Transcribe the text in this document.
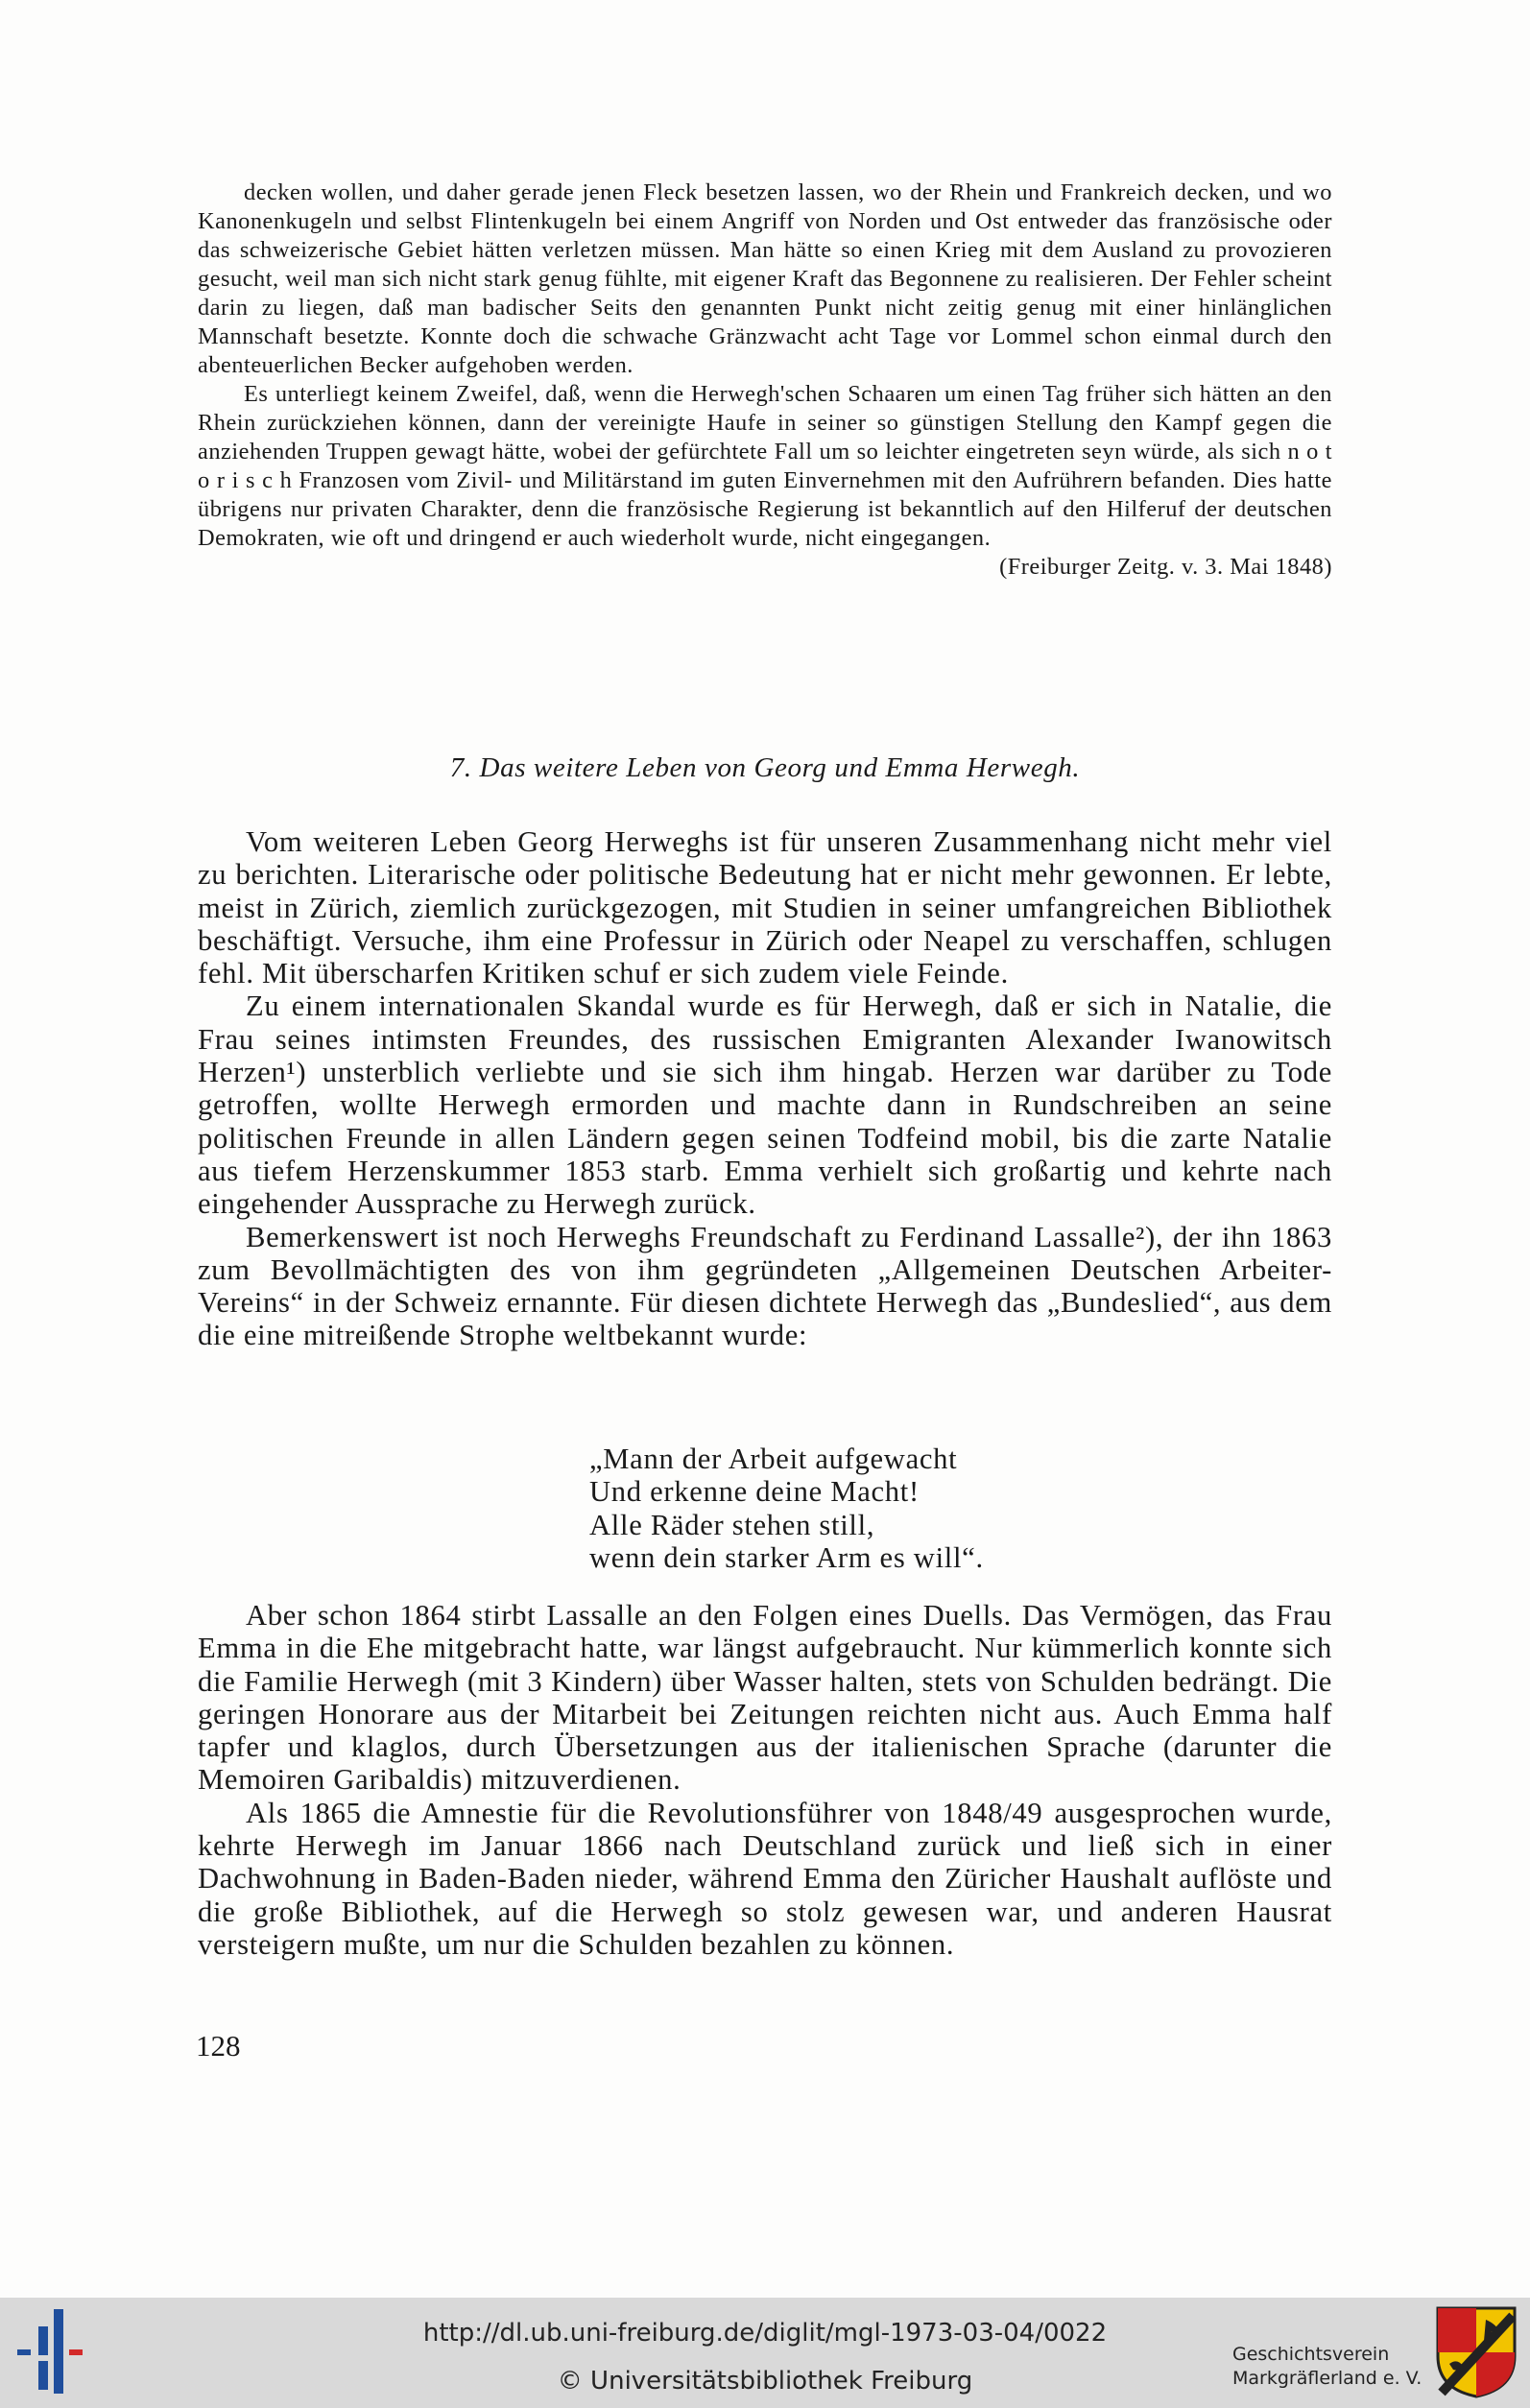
decken wollen, und daher gerade jenen Fleck besetzen lassen, wo der Rhein und Frankreich decken, und wo Kanonenkugeln und selbst Flintenkugeln bei einem Angriff von Norden und Ost entweder das französische oder das schweizerische Gebiet hätten verletzen müssen. Man hätte so einen Krieg mit dem Ausland zu provozieren gesucht, weil man sich nicht stark genug fühlte, mit eigener Kraft das Begonnene zu realisieren. Der Fehler scheint darin zu liegen, daß man badischer Seits den genannten Punkt nicht zeitig genug mit einer hinlänglichen Mannschaft besetzte. Konnte doch die schwache Gränzwacht acht Tage vor Lommel schon einmal durch den abenteuerlichen Becker aufgehoben werden.

Es unterliegt keinem Zweifel, daß, wenn die Herwegh'schen Schaaren um einen Tag früher sich hätten an den Rhein zurückziehen können, dann der vereinigte Haufe in seiner so günstigen Stellung den Kampf gegen die anziehenden Truppen gewagt hätte, wobei der gefürchtete Fall um so leichter eingetreten seyn würde, als sich n o t o r i s c h Franzosen vom Zivil- und Militärstand im guten Einvernehmen mit den Aufrührern befanden. Dies hatte übrigens nur privaten Charakter, denn die französische Regierung ist bekanntlich auf den Hilferuf der deutschen Demokraten, wie oft und dringend er auch wiederholt wurde, nicht eingegangen.
(Freiburger Zeitg. v. 3. Mai 1848)

7. Das weitere Leben von Georg und Emma Herwegh.

Vom weiteren Leben Georg Herweghs ist für unseren Zusammenhang nicht mehr viel zu berichten. Literarische oder politische Bedeutung hat er nicht mehr gewonnen. Er lebte, meist in Zürich, ziemlich zurückgezogen, mit Studien in seiner umfangreichen Bibliothek beschäftigt. Versuche, ihm eine Professur in Zürich oder Neapel zu verschaffen, schlugen fehl. Mit überscharfen Kritiken schuf er sich zudem viele Feinde.

Zu einem internationalen Skandal wurde es für Herwegh, daß er sich in Natalie, die Frau seines intimsten Freundes, des russischen Emigranten Alexander Iwanowitsch Herzen¹) unsterblich verliebte und sie sich ihm hingab. Herzen war darüber zu Tode getroffen, wollte Herwegh ermorden und machte dann in Rundschreiben an seine politischen Freunde in allen Ländern gegen seinen Todfeind mobil, bis die zarte Natalie aus tiefem Herzenskummer 1853 starb. Emma verhielt sich großartig und kehrte nach eingehender Aussprache zu Herwegh zurück.

Bemerkenswert ist noch Herweghs Freundschaft zu Ferdinand Lassalle²), der ihn 1863 zum Bevollmächtigten des von ihm gegründeten „Allgemeinen Deutschen Arbeiter-Vereins“ in der Schweiz ernannte. Für diesen dichtete Herwegh das „Bundeslied“, aus dem die eine mitreißende Strophe weltbekannt wurde:

„Mann der Arbeit aufgewacht
Und erkenne deine Macht!
Alle Räder stehen still,
wenn dein starker Arm es will“.

Aber schon 1864 stirbt Lassalle an den Folgen eines Duells. Das Vermögen, das Frau Emma in die Ehe mitgebracht hatte, war längst aufgebraucht. Nur kümmerlich konnte sich die Familie Herwegh (mit 3 Kindern) über Wasser halten, stets von Schulden bedrängt. Die geringen Honorare aus der Mitarbeit bei Zeitungen reichten nicht aus. Auch Emma half tapfer und klaglos, durch Übersetzungen aus der italienischen Sprache (darunter die Memoiren Garibaldis) mitzuverdienen.

Als 1865 die Amnestie für die Revolutionsführer von 1848/49 ausgesprochen wurde, kehrte Herwegh im Januar 1866 nach Deutschland zurück und ließ sich in einer Dachwohnung in Baden-Baden nieder, während Emma den Züricher Haushalt auflöste und die große Bibliothek, auf die Herwegh so stolz gewesen war, und anderen Hausrat versteigern mußte, um nur die Schulden bezahlen zu können.

128
http://dl.ub.uni-freiburg.de/diglit/mgl-1973-03-04/0022
© Universitätsbibliothek Freiburg
Geschichtsverein
Markgräflerland e. V.
